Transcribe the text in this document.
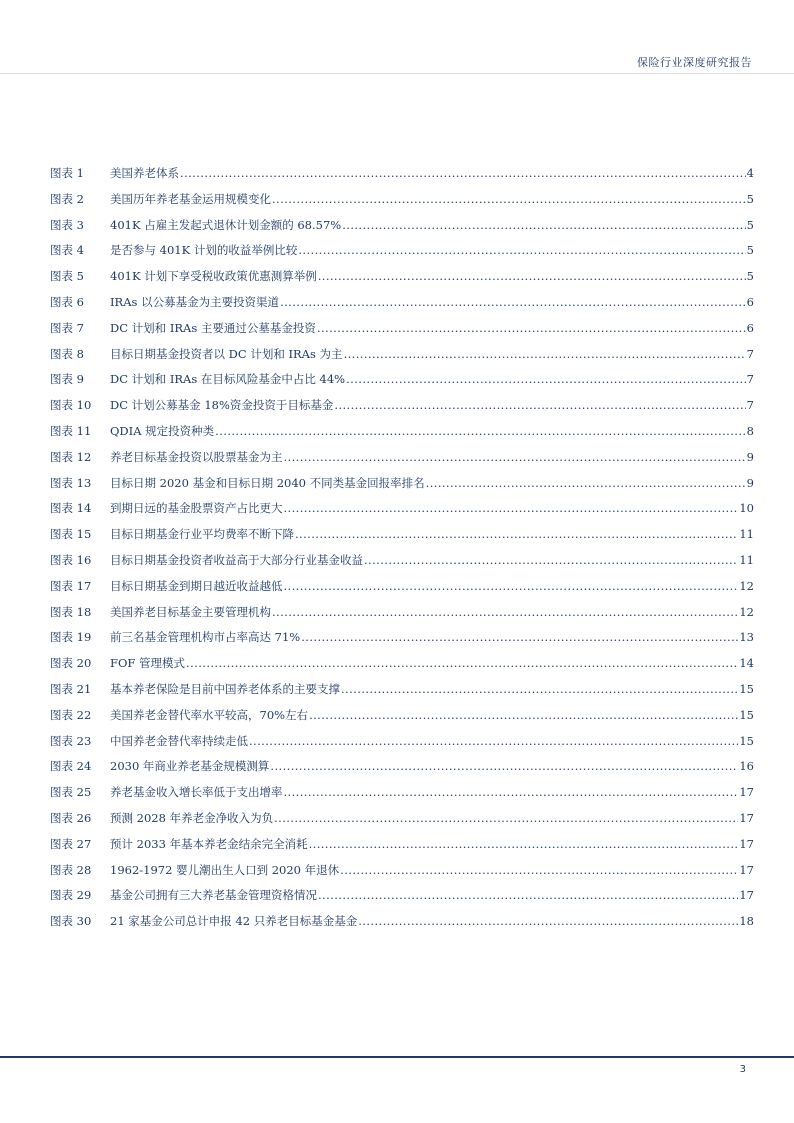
保险行业深度研究报告
图表 1	美国养老体系 .....	4
图表 2	美国历年养老基金运用规模变化 .....	5
图表 3	401K 占雇主发起式退休计划金额的 68.57% .....	5
图表 4	是否参与 401K 计划的收益举例比较 .....	5
图表 5	401K 计划下享受税收政策优惠测算举例 .....	5
图表 6	IRAs 以公募基金为主要投资渠道 .....	6
图表 7	DC 计划和 IRAs 主要通过公墓基金投资 .....	6
图表 8	目标日期基金投资者以 DC 计划和 IRAs 为主 .....	7
图表 9	DC 计划和 IRAs 在目标风险基金中占比 44% .....	7
图表 10	DC 计划公募基金 18%资金投资于目标基金 .....	7
图表 11	QDIA 规定投资种类 .....	8
图表 12	养老目标基金投资以股票基金为主 .....	9
图表 13	目标日期 2020 基金和目标日期 2040 不同类基金回报率排名 .....	9
图表 14	到期日远的基金股票资产占比更大 .....	10
图表 15	目标日期基金行业平均费率不断下降 .....	11
图表 16	目标日期基金投资者收益高于大部分行业基金收益 .....	11
图表 17	目标日期基金到期日越近收益越低 .....	12
图表 18	美国养老目标基金主要管理机构 .....	12
图表 19	前三名基金管理机构市占率高达 71% .....	13
图表 20	FOF 管理模式 .....	14
图表 21	基本养老保险是目前中国养老体系的主要支撑 .....	15
图表 22	美国养老金替代率水平较高，70%左右 .....	15
图表 23	中国养老金替代率持续走低 .....	15
图表 24	2030 年商业养老基金规模测算 .....	16
图表 25	养老基金收入增长率低于支出增率 .....	17
图表 26	预测 2028 年养老金净收入为负 .....	17
图表 27	预计 2033 年基本养老金结余完全消耗 .....	17
图表 28	1962-1972 婴儿潮出生人口到 2020 年退休 .....	17
图表 29	基金公司拥有三大养老基金管理资格情况 .....	17
图表 30	21 家基金公司总计申报 42 只养老目标基金基金 .....	18
3
